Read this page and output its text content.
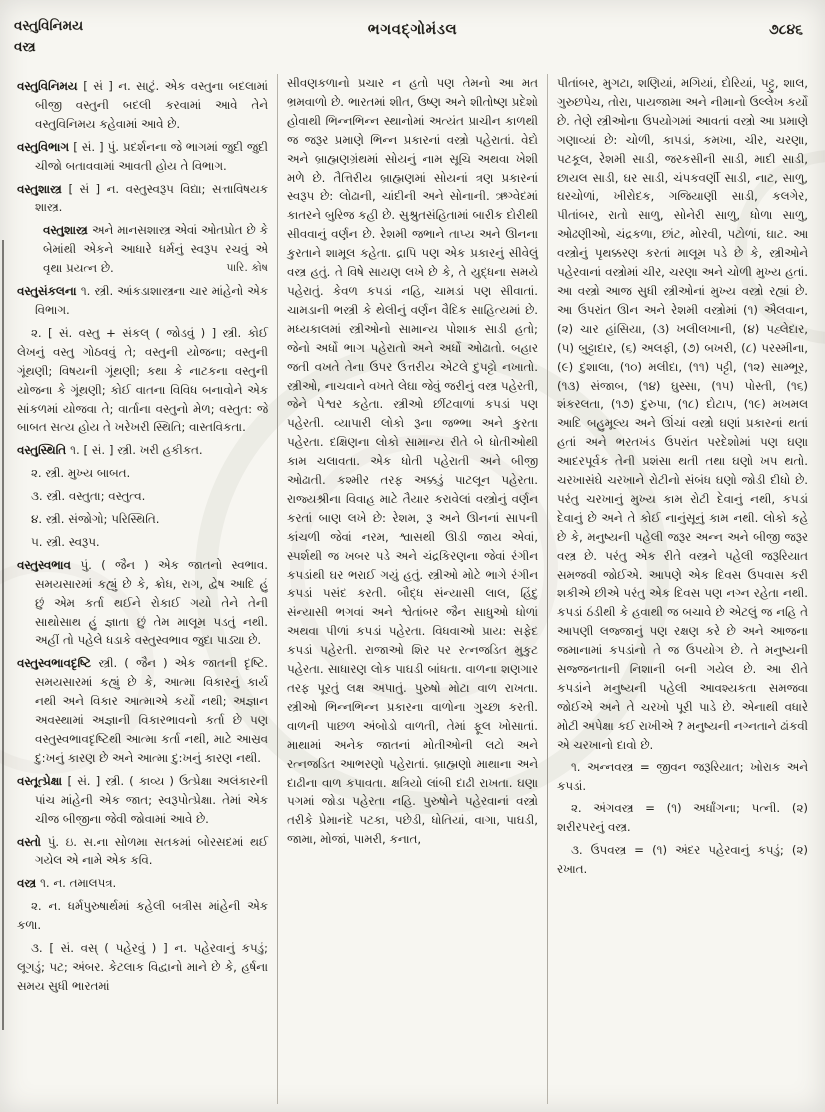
વસ્તુવિનિમય
વસ્ત્ર
ભગવદ્ગોમંડલ	૭૮૪૬

વસ્તુવિનિમય [ સં ] ન. સાટું. એક વસ્તુના બદલામાં બીજી વસ્તુની બદલી કરવામાં આવે તેને વસ્તુવિનિમય કહેવામાં આવે છે.

વસ્તુવિભાગ [ સં. ] પું. પ્રદર્શનના જે ભાગમાં જુદી જુદી ચીજો બતાવવામાં આવતી હોય તે વિભાગ.

વસ્તુશાસ્ત્ર [ સં ] ન. વસ્તુસ્વરૂપ વિદ્યા; સત્તાવિષયક શાસ્ત્ર.

વસ્તુશાસ્ત્ર અને માનસશાસ્ત્ર એવાં ઓતપ્રોત છે કે બેમાંથી એકને આધારે ધર્મનું સ્વરૂપ રચવું એ વૃથા પ્રયત્ન છે.	પારિ. કોષ

વસ્તુસંકલના ૧. સ્ત્રી. આંકડાશાસ્ત્રના ચાર માંહેનો એક વિભાગ.

૨. [ સં. વસ્તુ + સંકલ્ ( જોડવું ) ] સ્ત્રી. કોઈ લેખનું વસ્તુ ગોઠવવું તે; વસ્તુની યોજના; વસ્તુની ગૂંથણી; વિષયની ગૂંથણી; કથા કે નાટકના વસ્તુની યોજના કે ગૂંથણી; કોઈ વાતના વિવિધ બનાવોને એક સાંકળમાં યોજવા તે; વાર્તાના વસ્તુનો મેળ; વસ્તુત: જે બાબત સત્ય હોય તે ખરેખરી સ્થિતિ; વાસ્તવિકતા.

વસ્તુસ્થિતિ ૧. [ સં. ] સ્ત્રી. ખરી હકીકત.

૨. સ્ત્રી. મુખ્ય બાબત.

૩. સ્ત્રી. વસ્તુતા; વસ્તુત્વ.

૪. સ્ત્રી. સંજોગો; પરિસ્થિતિ.

૫. સ્ત્રી. સ્વરૂપ.

વસ્તુસ્વભાવ પું. ( જૈન ) એક જાતનો સ્વભાવ. સમયસારમાં કહ્યું છે કે, ક્રોધ, રાગ, દ્વેષ આદિ હું છું એમ કર્તા થઈને રોકાઈ ગયો તેને તેની સાથોસાથ હું જ્ઞાતા છું તેમ માલૂમ પડતું નથી. અહીં તો પહેલે ધડાકે વસ્તુસ્વભાવ જુદા પાડ્યા છે.

વસ્તુસ્વભાવદૃષ્ટિ સ્ત્રી. ( જૈન ) એક જાતની દૃષ્ટિ. સમયસારમાં કહ્યું છે કે, આત્મા વિકારનું કાર્ય નથી અને વિકાર આત્માએ કર્યો નથી; અજ્ઞાન અવસ્થામાં અજ્ઞાની વિકારભાવનો કર્તા છે પણ વસ્તુસ્વભાવદૃષ્ટિથી આત્મા કર્તા નથી, માટે આસ્રવ દુ:ખનું કારણ છે અને આત્મા દુ:ખનું કારણ નથી.

વસ્તૂત્પ્રેક્ષા [ સં. ] સ્ત્રી. ( કાવ્ય ) ઉત્પ્રેક્ષા અલંકારની પાંચ માંહેની એક જાત; સ્વરૂપોત્પ્રેક્ષા. તેમાં એક ચીજ બીજીના જેવી જોવામાં આવે છે.

વસ્તો પું. ઇ. સ.ના સોળમા સતકમાં બોરસદમાં થઈ ગયેલ એ નામે એક કવિ.

વસ્ત્ર ૧. ન. તમાલપત્ર.

૨. ન. ધર્મપુરુષાર્થમાં કહેલી બત્રીસ માંહેની એક કળા.

૩. [ સં. વસ્ ( પહેરવું ) ] ન. પહેરવાનું કપડું; લૂગડું; પટ; અંબર. કેટલાક વિદ્વાનો માને છે કે, હર્ષના સમય સુધી ભારતમાં

સીવણકળાનો પ્રચાર ન હતો પણ તેમનો આ મત ભ્રમવાળો છે. ભારતમાં શીત, ઉષ્ણ અને શીતોષ્ણ પ્રદેશો હોવાથી ભિન્નભિન્ન સ્થાનોમાં અત્યંત પ્રાચીન કાળથી જ જરૂર પ્રમાણે ભિન્ન પ્રકારનાં વસ્ત્રો પહેરાતાં. વેદો અને બ્રાહ્મણગ્રંથમાં સોયનું નામ સૂચિ અથવા ખેશી મળે છે. તૈત્તિરીય બ્રાહ્મણમાં સોયનાં ત્રણ પ્રકારનાં સ્વરૂપ છે: લોઢાની, ચાંદીની અને સોનાની. ઋગ્વેદમાં કાતરને બુરિજ કહી છે. સુશ્રુતસંહિતામાં બારીક દોરીથી સીવવાનું વર્ણન છે. રેશમી જભાને તાપ્ય અને ઊનના કુરતાને શામૂલ કહેતા. દ્રાપિ પણ એક પ્રકારનું સીવેલું વસ્ત્ર હતું. તે વિષે સાયણ લખે છે કે, તે યુદ્ધના સમયે પહેરાતું. કેવળ કપડાં નહિ, ચામડાં પણ સીવાતાં. ચામડાની ભસ્ત્રી કે થેલીનું વર્ણન વૈદિક સાહિત્યમાં છે. મધ્યકાલમાં સ્ત્રીઓનો સામાન્ય પોશાક સાડી હતો; જેનો અર્ધો ભાગ પહેરાતો અને અર્ધો ઓઢાતો. બહાર જતી વખતે તેના ઉપર ઉત્તરીય એટલે દુપટ્ટો નખાતો. સ્ત્રીઓ, નાચવાને વખતે લેઘા જેવું જરીનું વસ્ત્ર પહેરતી, જેને પેશ્વર કહેતા. સ્ત્રીઓ છીંટવાળાં કપડાં પણ પહેરતી. વ્યાપારી લોકો રૂના જભ્ભા અને કુરતા પહેરતા. દક્ષિણના લોકો સામાન્ય રીતે બે ધોતીઓથી કામ ચલાવતા. એક ધોતી પહેરાતી અને બીજી ઓઢાતી. કશ્મીર તરફ અક્કડું પાટલૂન પહેરતા. રાજ્યશ્રીના વિવાહ માટે તૈયાર કરાવેલાં વસ્ત્રોનું વર્ણન કરતાં બાણ લખે છે: રેશમ, રૂ અને ઊનનાં સાપની કાંચળી જેવાં નરમ, શ્વાસથી ઊડી જાય એવાં, સ્પર્શથી જ ખબર પડે અને ચંદ્રકિરણના જેવાં રંગીન કપડાંથી ઘર ભરાઈ ગયું હતું. સ્ત્રીઓ મોટે ભાગે રંગીન કપડાં પસંદ કરતી. બૌદ્ધ સંન્યાસી લાલ, હિંદુ સંન્યાસી ભગવાં અને શ્વેતાંબર જૈન સાધુઓ ધોળાં અથવા પીળાં કપડાં પહેરતા. વિધવાઓ પ્રાય: સફેદ કપડાં પહેરતી. રાજાઓ શિર પર રત્નજડિત મુકુટ પહેરતા. સાધારણ લોક પાઘડી બાંધતા. વાળના શણગાર તરફ પૂરતું લક્ષ અપાતું. પુરુષો મોટા વાળ રાખતા. સ્ત્રીઓ ભિન્નભિન્ન પ્રકારના વાળોના ગુચ્છા કરતી. વાળની પાછળ અંબોડો વાળતી, તેમાં ફૂલ ખોસાતાં. માથામાં અનેક જાતનાં મોતીઓની લટો અને રત્નજડિત આભરણો પહેરાતાં. બ્રાહ્મણો માથાના અને દાઢીના વાળ કપાવતા. ક્ષત્રિયો લાંબી દાઢી રાખતા. ઘણા પગમાં જોડા પહેરતા નહિ. પુરુષોને પહેરવાનાં વસ્ત્રો તરીકે પ્રેમાનંદે પટકા, પછેડી, ધોતિયાં, વાગા, પાઘડી, જામા, મોજાં, પામરી, કનાત,

પીતાંબર, મુગટા, શણિયાં, મગિયાં, દોરિયાં, પટ્ટુ, શાલ, ગુરુછપેચ, તોરા, પાયજામા અને નીમાનો ઉલ્લેખ કર્યો છે. તેણે સ્ત્રીઓના ઉપયોગમાં આવતાં વસ્ત્રો આ પ્રમાણે ગણાવ્યાં છે: ચોળી, કાપડાં, કમખા, ચીર, ચરણા, પટકૂલ, રેશમી સાડી, જરકસીની સાડી, માદી સાડી, છાયલ સાડી, ઘર સાડી, ચંપકવર્ણી સાડી, નાટ, સાળુ, ઘરચોળાં, ખીરોદક, ગજિયાણી સાડી, કલગેર, પીતાંબર, રાતો સાળુ, સોનેરી સાળુ, ધોળા સાળુ, ઓઢણીઓ, ચંદ્રકળા, છાંટ, મોરવી, પટોળાં, ઘાટ. આ વસ્ત્રોનું પૃથક્કરણ કરતાં માલૂમ પડે છે કે, સ્ત્રીઓને પહેરવાનાં વસ્ત્રોમાં ચીર, ચરણા અને ચોળી મુખ્ય હતાં. આ વસ્ત્રો આજ સુધી સ્ત્રીઓનાં મુખ્ય વસ્ત્રો રહ્યાં છે. આ ઉપરાંત ઊન અને રેશમી વસ્ત્રોમાં (૧) ઐલવાન, (૨) ચાર હાંસિયા, (૩) ખલીલખાની, (૪) પહ્લેદાર, (૫) બુટ્ટાદાર, (૬) અલફી, (૭) બખરી, (૮) પરસ્મીના, (૯) દુશાલા, (૧૦) મલીદા, (૧૧) પટ્ટી, (૧૨) સામ્ભૂર, (૧૩) સંજાબ, (૧૪) ઘુસ્સા, (૧૫) પોસ્તી, (૧૬) શંકરલતા, (૧૭) દુરુપા, (૧૮) દોટાપ, (૧૯) મખમલ આદિ બહુમૂલ્ય અને ઊંચાં વસ્ત્રો ઘણાં પ્રકારનાં થતાં હતાં અને ભરતખંડ ઉપરાંત પરદેશોમાં પણ ઘણા આદરપૂર્વક તેની પ્રશંસા થતી તથા ઘણો ખપ થતો. ચરખાસંઘે ચરખાને રોટીનો સંબંધ ઘણો જોડી દીધો છે. પરંતુ ચરખાનું મુખ્ય કામ રોટી દેવાનું નથી, કપડાં દેવાનું છે અને તે કોઈ નાનુંસૂનું કામ નથી. લોકો કહે છે કે, મનુષ્યની પહેલી જરૂર અન્ન અને બીજી જરૂર વસ્ત્ર છે. પરંતુ એક રીતે વસ્ત્રને પહેલી જરૂરિયાત સમજવી જોઈએ. આપણે એક દિવસ ઉપવાસ કરી શકીએ છીએ પરંતુ એક દિવસ પણ નગ્ન રહેતા નથી. કપડાં ઠંડીથી કે હવાથી જ બચાવે છે એટલું જ નહિ તે આપણી લજ્જાનું પણ રક્ષણ કરે છે અને આજના જમાનામાં કપડાંનો તે જ ઉપયોગ છે. તે મનુષ્યની સજ્જનતાની નિશાની બની ગયેલ છે. આ રીતે કપડાંને મનુષ્યની પહેલી આવશ્યકતા સમજવા જોઈએ અને તે ચરખો પૂરી પાડે છે. એનાથી વધારે મોટી અપેક્ષા કઈ રાખીએ ? મનુષ્યની નગ્નતાને ઢાંકવી એ ચરખાનો દાવો છે.

૧. અન્નવસ્ત્ર = જીવન જરૂરિયાત; ખોરાક અને કપડાં.

૨. અંગવસ્ત્ર = (૧) અર્ધાંગના; પત્ની. (૨) શરીરપરનું વસ્ત્ર.

૩. ઉપવસ્ત્ર = (૧) અંદર પહેરવાનું કપડું; (૨) રખાત.
